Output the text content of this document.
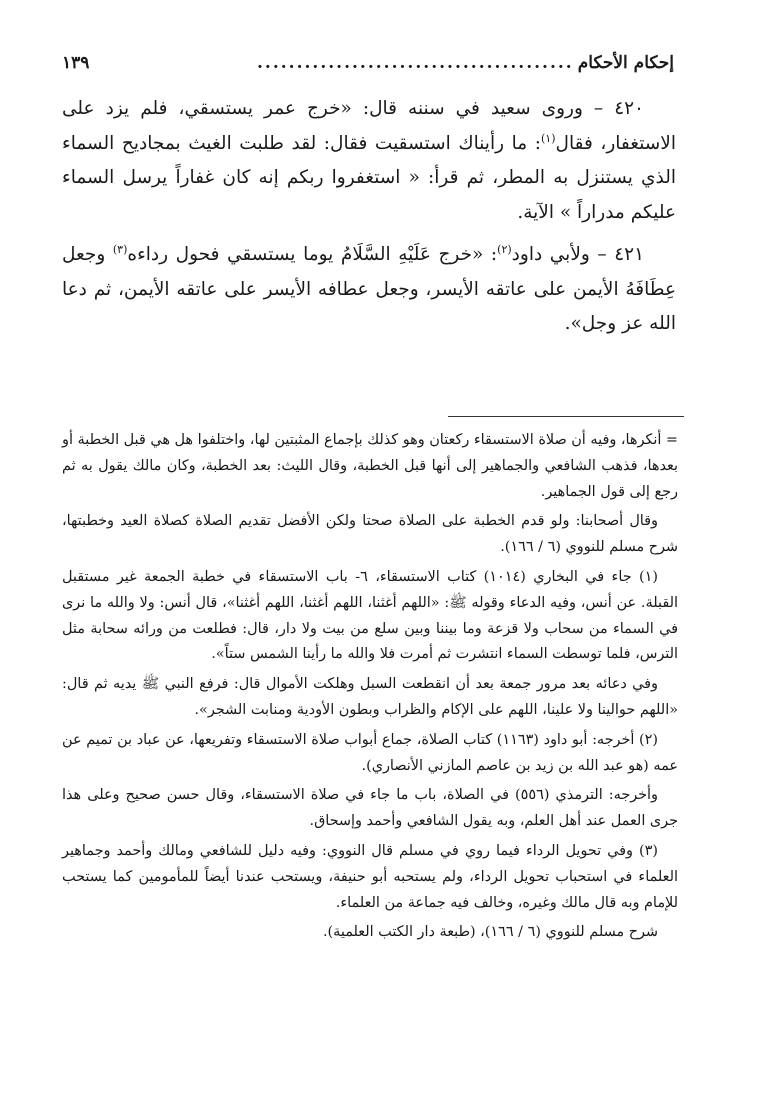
إحكام الأحكام
........................................
١٣٩

٤٢٠ – وروى سعيد في سننه قال: «خرج عمر يستسقي، فلم يزد على الاستغفار، فقال$^{(١)}$: ما رأيناك استسقيت فقال: لقد طلبت الغيث بمجاديح السماء الذي يستنزل به المطر، ثم قرأ: « استغفروا ربكم إنه كان غفاراً يرسل السماء عليكم مدراراً » الآية.

٤٢١ – ولأبي داود$^{(٢)}$: «خرج عَلَيْهِ السَّلَامُ يوما يستسقي فحول رداءه$^{(٣)}$ وجعل عِطَافَهُ الأيمن على عاتقه الأيسر، وجعل عطافه الأيسر على عاتقه الأيمن، ثم دعا الله عز وجل».

= أنكرها، وفيه أن صلاة الاستسقاء ركعتان وهو كذلك بإجماع المثبتين لها، واختلفوا هل هي قبل الخطبة أو بعدها، فذهب الشافعي والجماهير إلى أنها قبل الخطبة، وقال الليث: بعد الخطبة، وكان مالك يقول به ثم رجع إلى قول الجماهير.

وقال أصحابنا: ولو قدم الخطبة على الصلاة صحتا ولكن الأفضل تقديم الصلاة كصلاة العيد وخطبتها، شرح مسلم للنووي (٦ / ١٦٦).

(١) جاء في البخاري (١٠١٤) كتاب الاستسقاء، ٦- باب الاستسقاء في خطبة الجمعة غير مستقبل القبلة. عن أنس، وفيه الدعاء وقوله ﷺ: «اللهم أغثنا، اللهم أغثنا، اللهم أغثنا»، قال أنس: ولا والله ما نرى في السماء من سحاب ولا قزعة وما بيننا وبين سلع من بيت ولا دار، قال: فطلعت من ورائه سحابة مثل الترس، فلما توسطت السماء انتشرت ثم أمرت فلا والله ما رأينا الشمس ستاً».

وفي دعائه بعد مرور جمعة بعد أن انقطعت السبل وهلكت الأموال قال: فرفع النبي ﷺ يديه ثم قال: «اللهم حوالينا ولا علينا، اللهم على الإكام والظراب وبطون الأودية ومنابت الشجر».

(٢) أخرجه: أبو داود (١١٦٣) كتاب الصلاة، جماع أبواب صلاة الاستسقاء وتفريعها، عن عباد بن تميم عن عمه (هو عبد الله بن زيد بن عاصم المازني الأنصاري).

وأخرجه: الترمذي (٥٥٦) في الصلاة، باب ما جاء في صلاة الاستسقاء، وقال حسن صحيح وعلى هذا جرى العمل عند أهل العلم، وبه يقول الشافعي وأحمد وإسحاق.

(٣) وفي تحويل الرداء فيما روي في مسلم قال النووي: وفيه دليل للشافعي ومالك وأحمد وجماهير العلماء في استحباب تحويل الرداء، ولم يستحبه أبو حنيفة، ويستحب عندنا أيضاً للمأمومين كما يستحب للإمام وبه قال مالك وغيره، وخالف فيه جماعة من العلماء.

شرح مسلم للنووي (٦ / ١٦٦)، (طبعة دار الكتب العلمية).
